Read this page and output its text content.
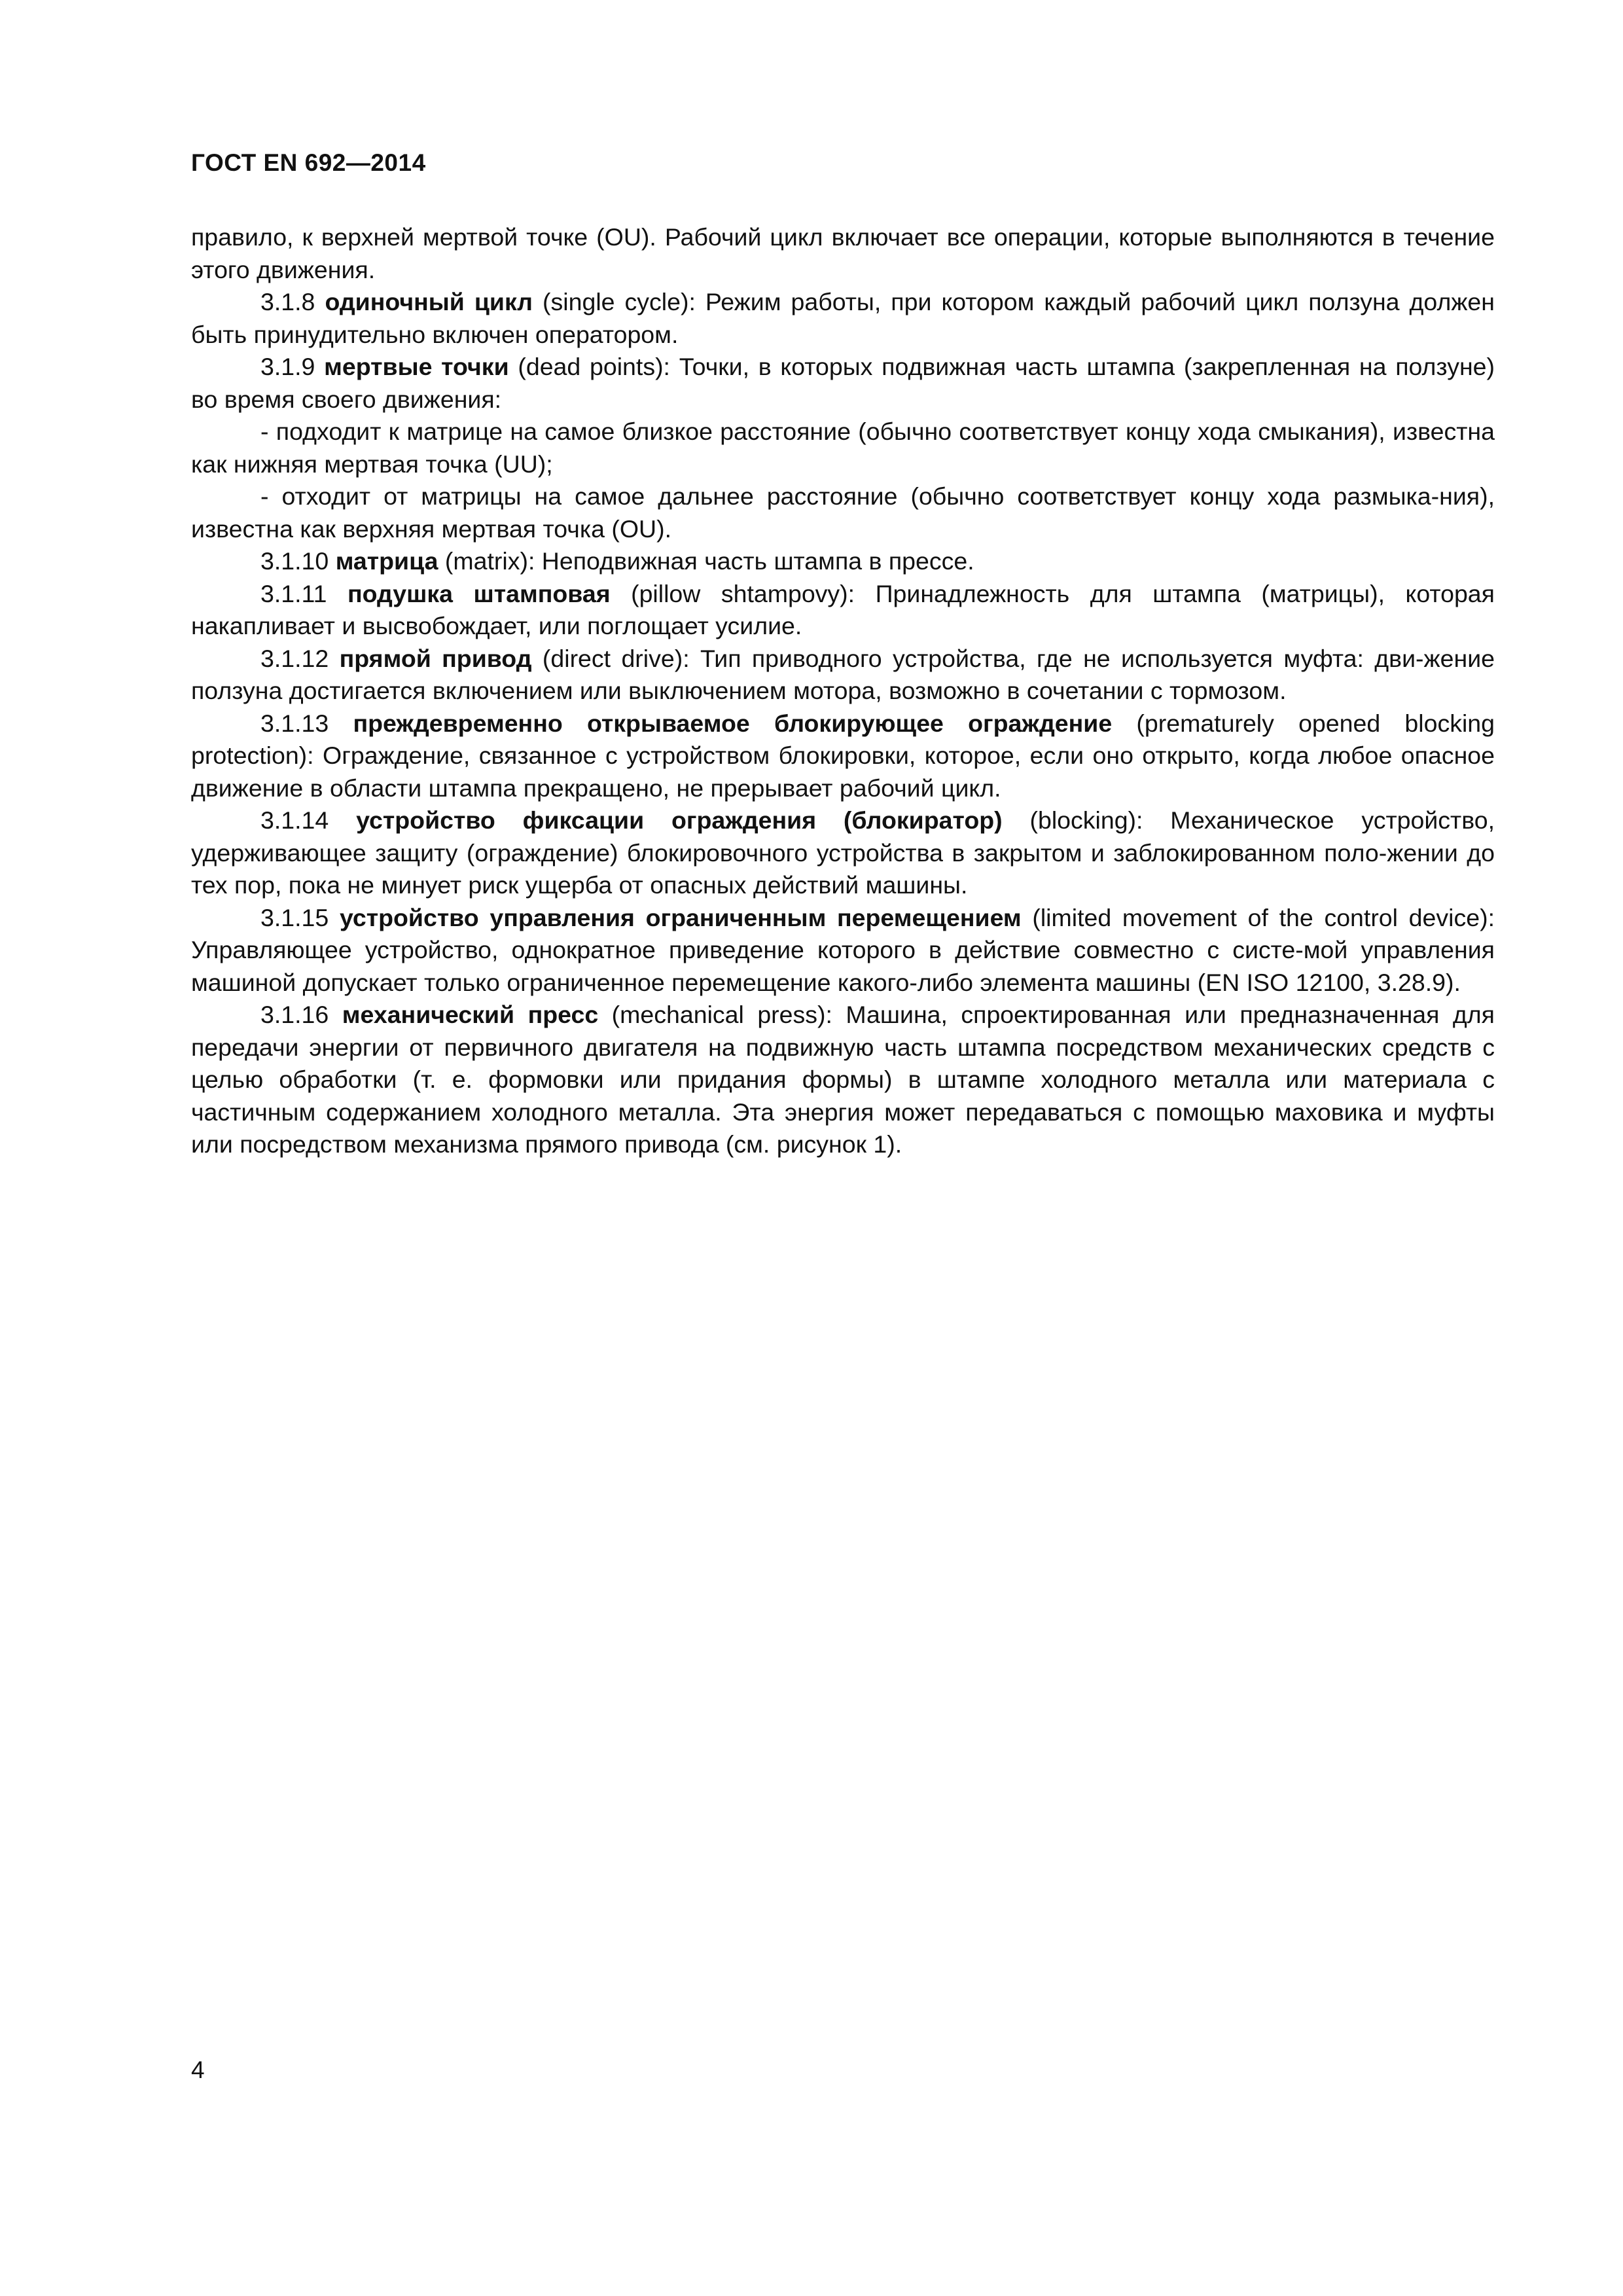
ГОСТ EN 692—2014

правило, к верхней мертвой точке (OU). Рабочий цикл включает все операции, которые выполняются в течение этого движения.

3.1.8 одиночный цикл (single cycle): Режим работы, при котором каждый рабочий цикл ползуна должен быть принудительно включен оператором.

3.1.9 мертвые точки (dead points): Точки, в которых подвижная часть штампа (закрепленная на ползуне) во время своего движения:

- подходит к матрице на самое близкое расстояние (обычно соответствует концу хода смыкания), известна как нижняя мертвая точка (UU);

- отходит от матрицы на самое дальнее расстояние (обычно соответствует концу хода размыка-ния), известна как верхняя мертвая точка (OU).

3.1.10 матрица (matrix): Неподвижная часть штампа в прессе.

3.1.11 подушка штамповая (pillow shtampovy): Принадлежность для штампа (матрицы), которая накапливает и высвобождает, или поглощает усилие.

3.1.12 прямой привод (direct drive): Тип приводного устройства, где не используется муфта: дви-жение ползуна достигается включением или выключением мотора, возможно в сочетании с тормозом.

3.1.13 преждевременно открываемое блокирующее ограждение (prematurely opened blocking protection): Ограждение, связанное с устройством блокировки, которое, если оно открыто, когда любое опасное движение в области штампа прекращено, не прерывает рабочий цикл.

3.1.14 устройство фиксации ограждения (блокиратор) (blocking): Механическое устройство, удерживающее защиту (ограждение) блокировочного устройства в закрытом и заблокированном поло-жении до тех пор, пока не минует риск ущерба от опасных действий машины.

3.1.15 устройство управления ограниченным перемещением (limited movement of the control device): Управляющее устройство, однократное приведение которого в действие совместно с систе-мой управления машиной допускает только ограниченное перемещение какого-либо элемента машины (EN ISO 12100, 3.28.9).

3.1.16 механический пресс (mechanical press): Машина, спроектированная или предназначенная для передачи энергии от первичного двигателя на подвижную часть штампа посредством механических средств с целью обработки (т. е. формовки или придания формы) в штампе холодного металла или материала с частичным содержанием холодного металла. Эта энергия может передаваться с помощью маховика и муфты или посредством механизма прямого привода (см. рисунок 1).

4
